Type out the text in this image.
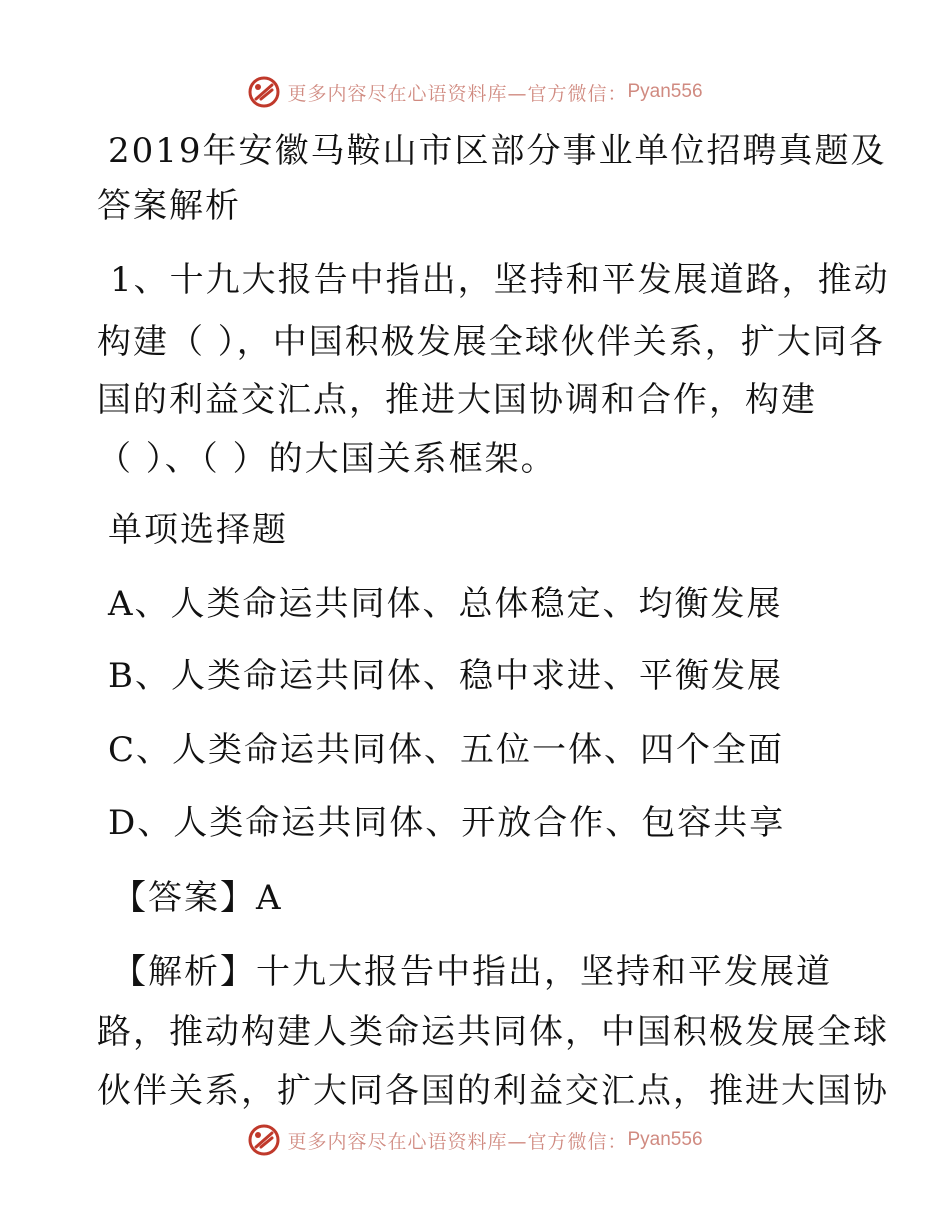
更多内容尽在心语资料库—官方微信： Pyan556
2019年安徽马鞍山市区部分事业单位招聘真题及
答案解析
1、十九大报告中指出，坚持和平发展道路，推动
构建（ ），中国积极发展全球伙伴关系，扩大同各
国的利益交汇点，推进大国协调和合作，构建
（ ）、（ ）的大国关系框架。
单项选择题
A、人类命运共同体、总体稳定、均衡发展
B、人类命运共同体、稳中求进、平衡发展
C、人类命运共同体、五位一体、四个全面
D、人类命运共同体、开放合作、包容共享
【答案】A
【解析】十九大报告中指出，坚持和平发展道
路，推动构建人类命运共同体，中国积极发展全球
伙伴关系，扩大同各国的利益交汇点，推进大国协
更多内容尽在心语资料库—官方微信： Pyan556
